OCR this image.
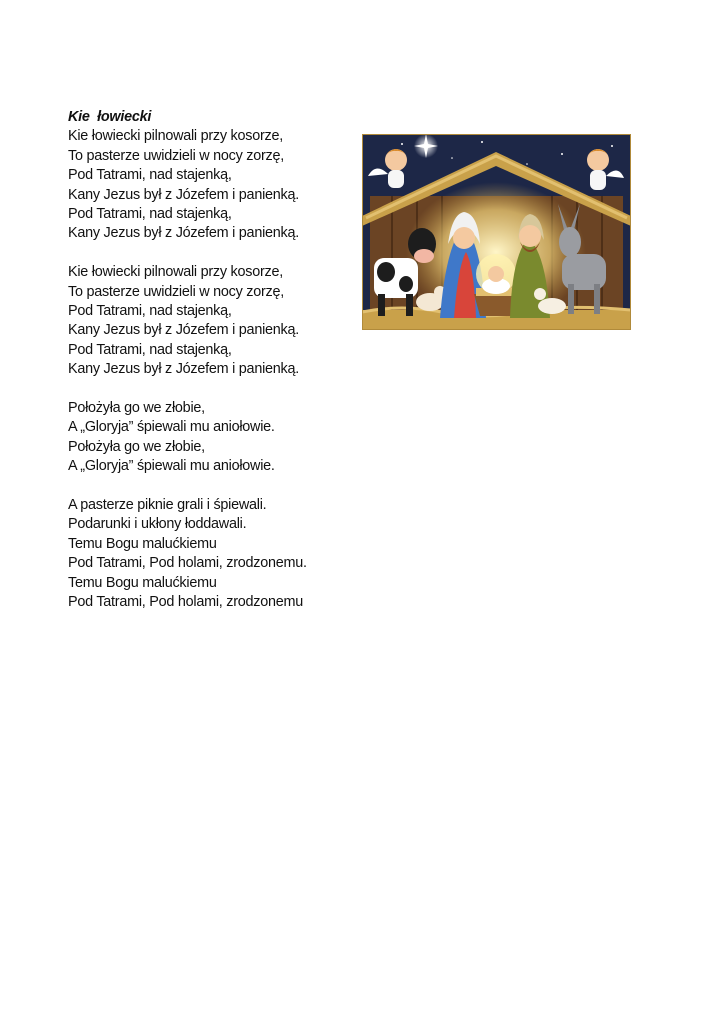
Kie  łowiecki
Kie łowiecki pilnowali przy kosorze,
To pasterze uwidzieli w nocy zorzę,
Pod Tatrami, nad stajenką,
Kany Jezus był z Józefem i panienką.
Pod Tatrami, nad stajenką,
Kany Jezus był z Józefem i panienką.
Kie łowiecki pilnowali przy kosorze,
To pasterze uwidzieli w nocy zorzę,
Pod Tatrami, nad stajenką,
Kany Jezus był z Józefem i panienką.
Pod Tatrami, nad stajenką,
Kany Jezus był z Józefem i panienką.
Położyła go we złobie,
A „Gloryja” śpiewali mu aniołowie.
Położyła go we złobie,
A „Gloryja” śpiewali mu aniołowie.
A pasterze piknie grali i śpiewali.
Podarunki i ukłony łoddawali.
Temu Bogu malućkiemu
Pod Tatrami, Pod holami, zrodzonemu.
Temu Bogu malućkiemu
Pod Tatrami, Pod holami, zrodzonemu
